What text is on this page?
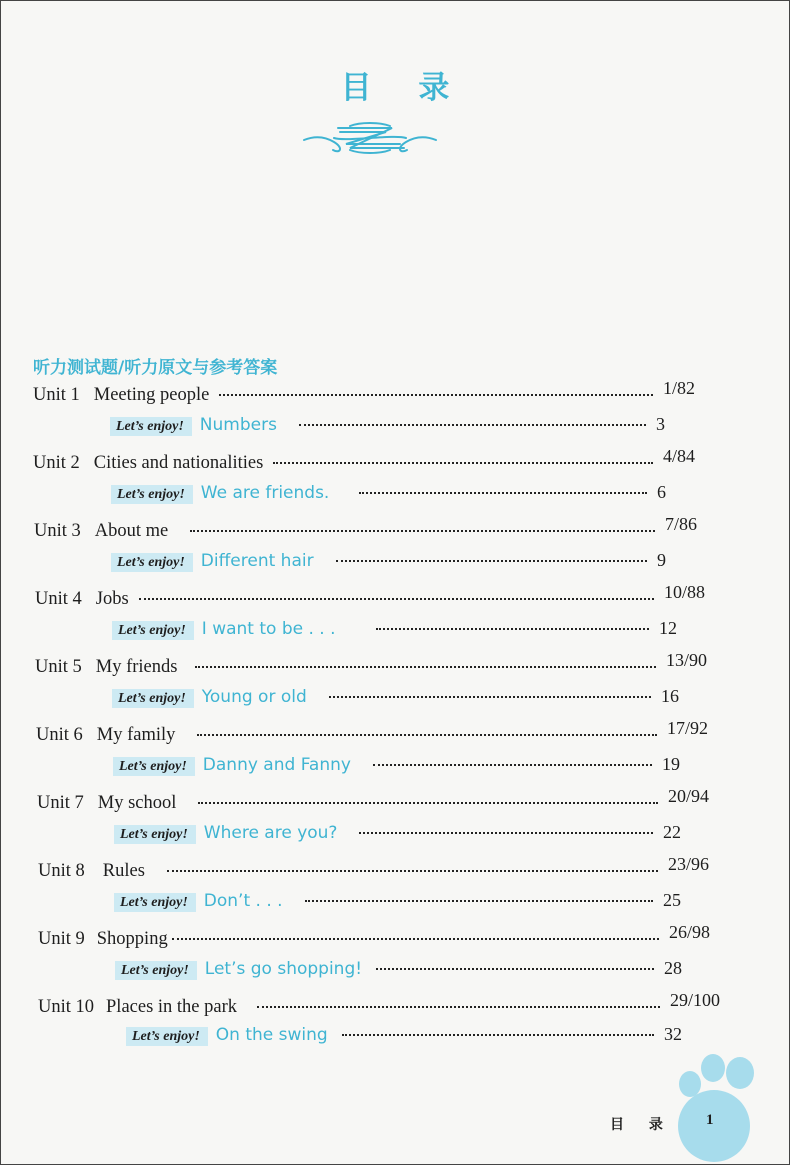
目 录
听力测试题/听力原文与参考答案
Unit 1 Meeting people	1/82
Let’s enjoy! Numbers	3
Unit 2 Cities and nationalities	4/84
Let’s enjoy! We are friends.	6
Unit 3 About me	7/86
Let’s enjoy! Different hair	9
Unit 4 Jobs	10/88
Let’s enjoy! I want to be . . .	12
Unit 5 My friends	13/90
Let’s enjoy! Young or old	16
Unit 6 My family	17/92
Let’s enjoy! Danny and Fanny	19
Unit 7 My school	20/94
Let’s enjoy! Where are you?	22
Unit 8 Rules	23/96
Let’s enjoy! Don’t . . .	25
Unit 9 Shopping	26/98
Let’s enjoy! Let’s go shopping!	28
Unit 10 Places in the park	29/100
Let’s enjoy! On the swing	32
目 录 1
